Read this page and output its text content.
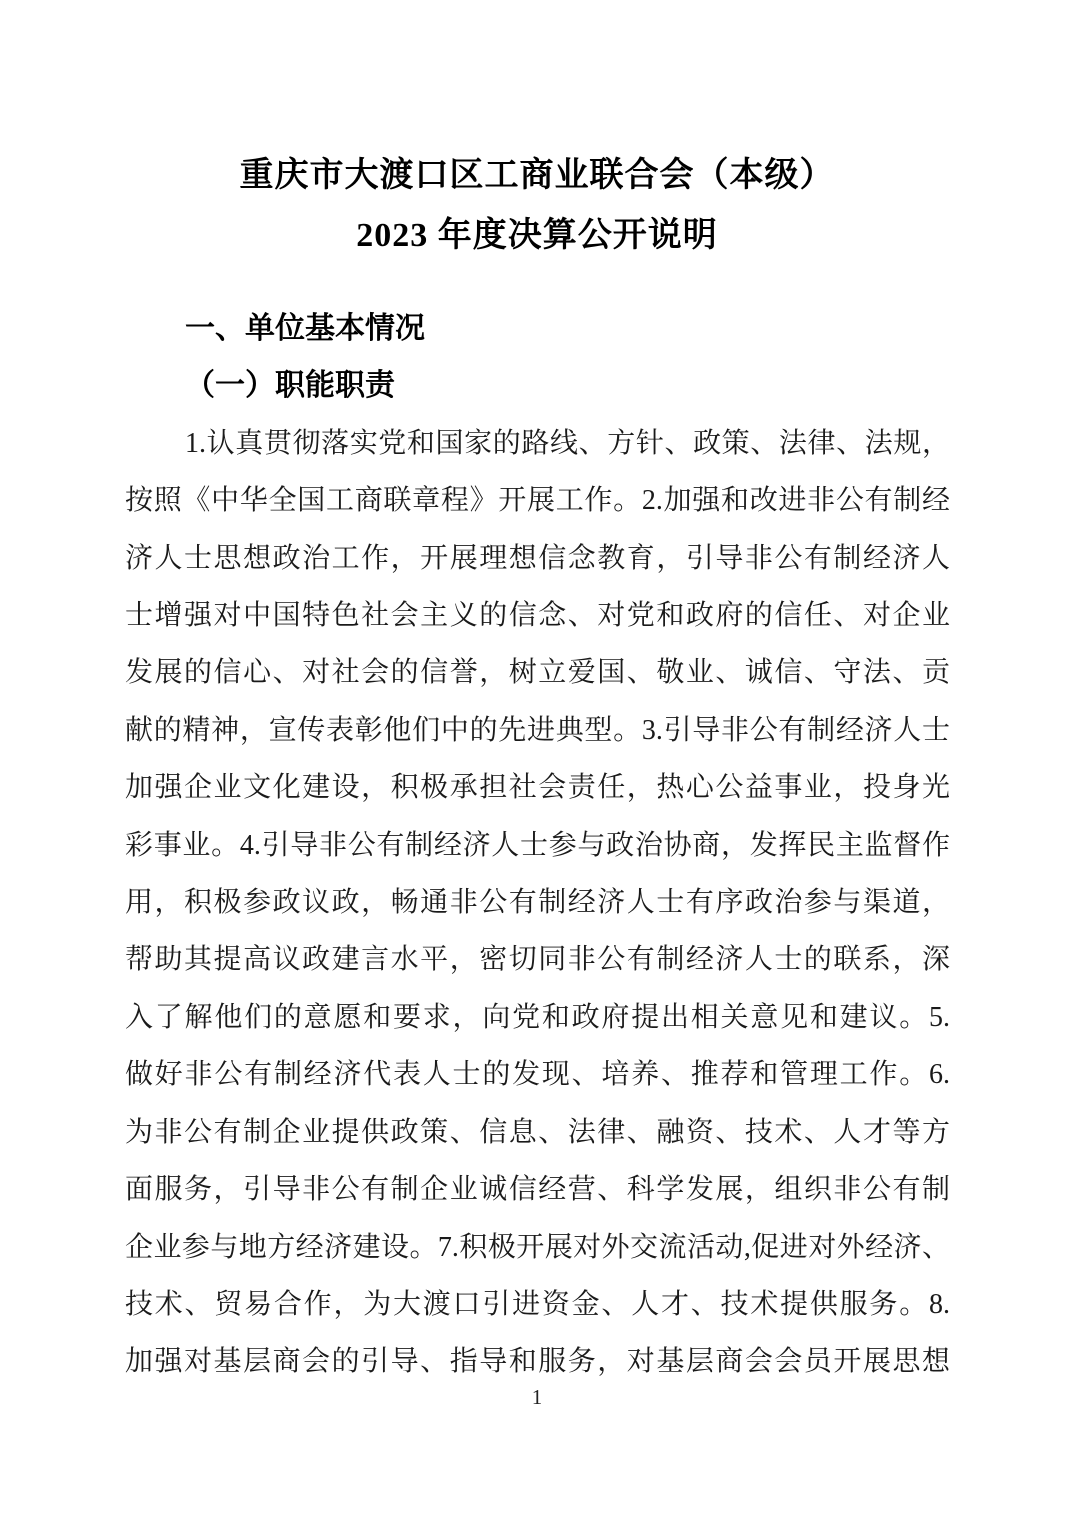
重庆市大渡口区工商业联合会（本级）
2023 年度决算公开说明
一、单位基本情况
（一）职能职责
1.认真贯彻落实党和国家的路线、方针、政策、法律、法规，
按照《中华全国工商联章程》开展工作。2.加强和改进非公有制经
济人士思想政治工作，开展理想信念教育，引导非公有制经济人
士增强对中国特色社会主义的信念、对党和政府的信任、对企业
发展的信心、对社会的信誉，树立爱国、敬业、诚信、守法、贡
献的精神，宣传表彰他们中的先进典型。3.引导非公有制经济人士
加强企业文化建设，积极承担社会责任，热心公益事业，投身光
彩事业。4.引导非公有制经济人士参与政治协商，发挥民主监督作
用，积极参政议政，畅通非公有制经济人士有序政治参与渠道，
帮助其提高议政建言水平，密切同非公有制经济人士的联系，深
入了解他们的意愿和要求，向党和政府提出相关意见和建议。5.
做好非公有制经济代表人士的发现、培养、推荐和管理工作。6.
为非公有制企业提供政策、信息、法律、融资、技术、人才等方
面服务，引导非公有制企业诚信经营、科学发展，组织非公有制
企业参与地方经济建设。7.积极开展对外交流活动,促进对外经济、
技术、贸易合作，为大渡口引进资金、人才、技术提供服务。8.
加强对基层商会的引导、指导和服务，对基层商会会员开展思想
1
